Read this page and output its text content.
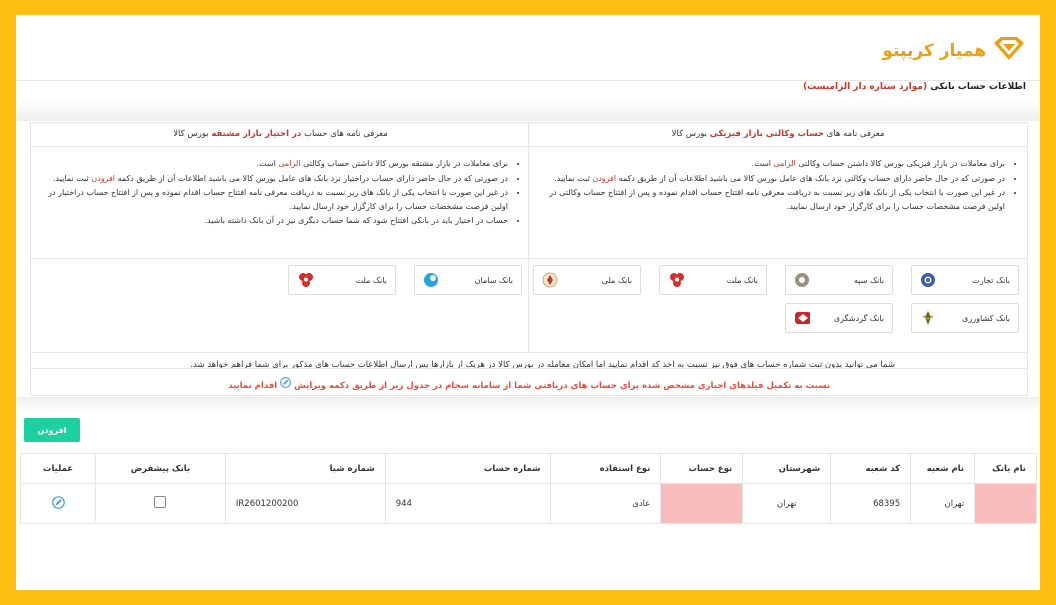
همیار کریپتو
اطلاعات حساب بانکی (موارد ستاره دار الزامیست)
معرفی نامه های حساب وکالتی بازار فیزیکی بورس کالا
• برای معاملات در بازار فیزیکی بورس کالا داشتن حساب وکالتی الزامی است.
• در صورتی که در حال حاضر دارای حساب وکالتی نزد بانک های عامل بورس کالا می باشید اطلاعات آن از طریق دکمه افزودن ثبت نمایید.
• در غیر این صورت با انتخاب یکی از بانک های زیر نسبت به دریافت معرفی نامه افتتاح حساب اقدام نموده و پس از افتتاح حساب وکالتی در اولین فرصت مشخصات حساب را برای کارگزار خود ارسال نمایید.
بانک تجارت
بانک سپه
بانک ملت
بانک ملی
بانک کشاورزی
بانک گردشگری
معرفی نامه های حساب در اختیار بازار مشتقه بورس کالا
• برای معاملات در بازار مشتقه بورس کالا داشتن حساب وکالتی الزامی است.
• در صورتی که در حال حاضر دارای حساب دراختیار نزد بانک های عامل بورس کالا می باشید اطلاعات آن از طریق دکمه افزودن ثبت نمایید.
• در غیر این صورت با انتخاب یکی از بانک های زیر نسبت به دریافت معرفی نامه افتتاح حساب اقدام نموده و پس از افتتاح حساب دراختیار در اولین فرصت مشخصات حساب را برای کارگزار خود ارسال نمایید.
• حساب در اختیار باید در بانکی افتتاح شود که شما حساب دیگری نیز در آن بانک داشته باشید.
بانک سامان
بانک ملت
شما می توانید بدون ثبت شماره حساب های فوق نیز نسبت به اخذ کد اقدام نمایید اما امکان معامله در بورس کالا در هریک از بازارها پس ارسال اطلاعات حساب های مذکور برای شما فراهم خواهد شد.
نسبت به تکمیل فیلدهای اجباری مشخص شده برای حساب های دریافتی شما از سامانه سجام در جدول زیر از طریق دکمه ویرایش  اقدام نمایید
افزودن
نام بانک	نام شعبه	کد شعبه	شهرستان	نوع حساب	نوع استفاده	شماره حساب	شماره شبا	بانک پیشفرض	عملیات
	تهران	68395	تهران		عادی	944	IR2601200200		
